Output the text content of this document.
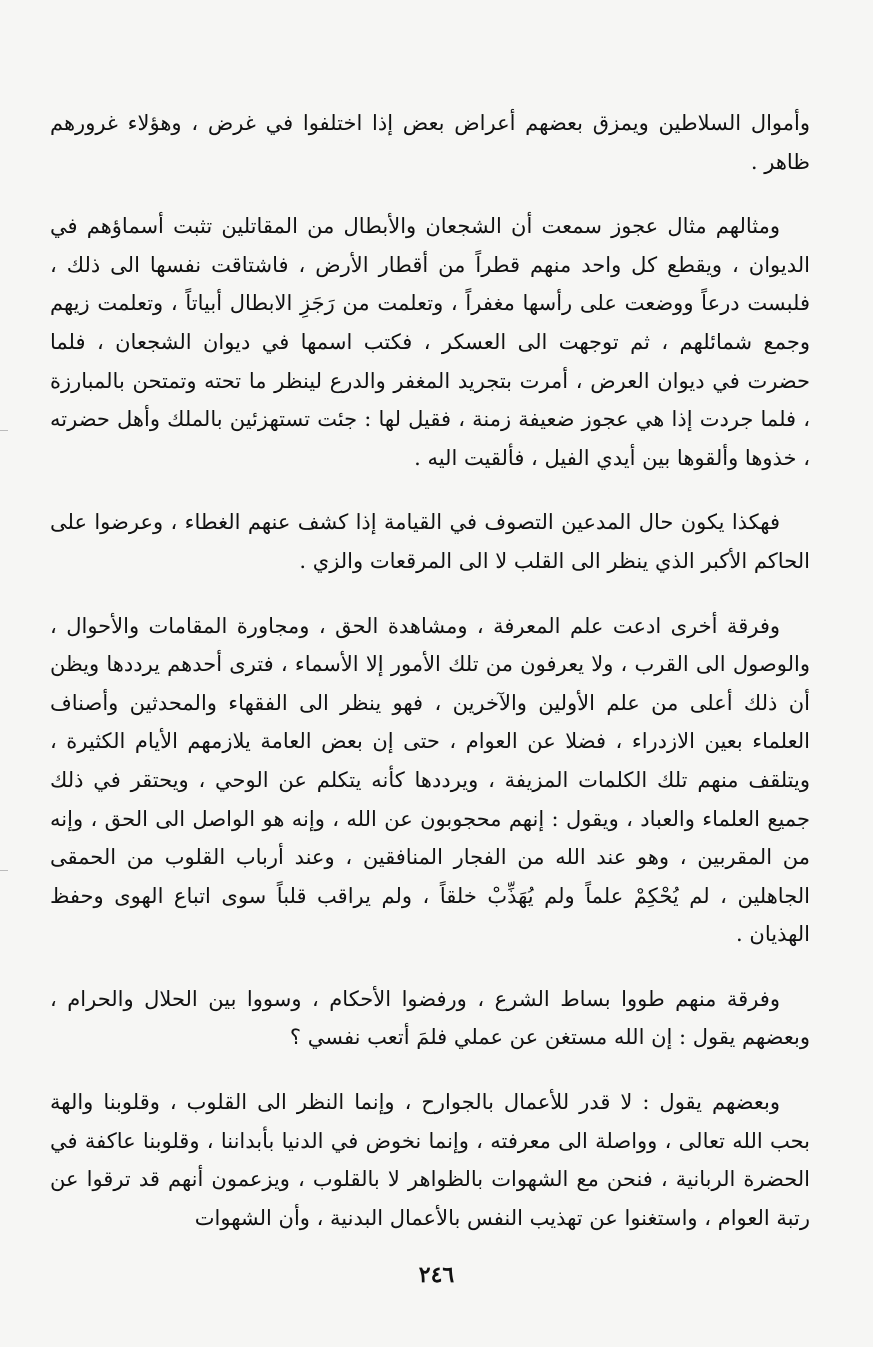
وأموال السلاطين ويمزق بعضهم أعراض بعض إذا اختلفوا في غرض ، وهؤلاء غرورهم ظاهر .

ومثالهم مثال عجوز سمعت أن الشجعان والأبطال من المقاتلين تثبت أسماؤهم في الديوان ، ويقطع كل واحد منهم قطراً من أقطار الأرض ، فاشتاقت نفسها الى ذلك ، فلبست درعاً ووضعت على رأسها مغفراً ، وتعلمت من رَجَزِ الابطال أبياتاً ، وتعلمت زيهم وجمع شمائلهم ، ثم توجهت الى العسكر ، فكتب اسمها في ديوان الشجعان ، فلما حضرت في ديوان العرض ، أمرت بتجريد المغفر والدرع لينظر ما تحته وتمتحن بالمبارزة ، فلما جردت إذا هي عجوز ضعيفة زمنة ، فقيل لها : جئت تستهزئين بالملك وأهل حضرته ، خذوها وألقوها بين أيدي الفيل ، فألقيت اليه .

فهكذا يكون حال المدعين التصوف في القيامة إذا كشف عنهم الغطاء ، وعرضوا على الحاكم الأكبر الذي ينظر الى القلب لا الى المرقعات والزي .

وفرقة أخرى ادعت علم المعرفة ، ومشاهدة الحق ، ومجاورة المقامات والأحوال ، والوصول الى القرب ، ولا يعرفون من تلك الأمور إلا الأسماء ، فترى أحدهم يرددها ويظن أن ذلك أعلى من علم الأولين والآخرين ، فهو ينظر الى الفقهاء والمحدثين وأصناف العلماء بعين الازدراء ، فضلا عن العوام ، حتى إن بعض العامة يلازمهم الأيام الكثيرة ، ويتلقف منهم تلك الكلمات المزيفة ، ويرددها كأنه يتكلم عن الوحي ، ويحتقر في ذلك جميع العلماء والعباد ، ويقول : إنهم محجوبون عن الله ، وإنه هو الواصل الى الحق ، وإنه من المقربين ، وهو عند الله من الفجار المنافقين ، وعند أرباب القلوب من الحمقى الجاهلين ، لم يُحْكِمْ علماً ولم يُهَذِّبْ خلقاً ، ولم يراقب قلباً سوى اتباع الهوى وحفظ الهذيان .

وفرقة منهم طووا بساط الشرع ، ورفضوا الأحكام ، وسووا بين الحلال والحرام ، وبعضهم يقول : إن الله مستغن عن عملي فلمَ أتعب نفسي ؟

وبعضهم يقول : لا قدر للأعمال بالجوارح ، وإنما النظر الى القلوب ، وقلوبنا والهة بحب الله تعالى ، وواصلة الى معرفته ، وإنما نخوض في الدنيا بأبداننا ، وقلوبنا عاكفة في الحضرة الربانية ، فنحن مع الشهوات بالظواهر لا بالقلوب ، ويزعمون أنهم قد ترقوا عن رتبة العوام ، واستغنوا عن تهذيب النفس بالأعمال البدنية ، وأن الشهوات

٢٤٦
